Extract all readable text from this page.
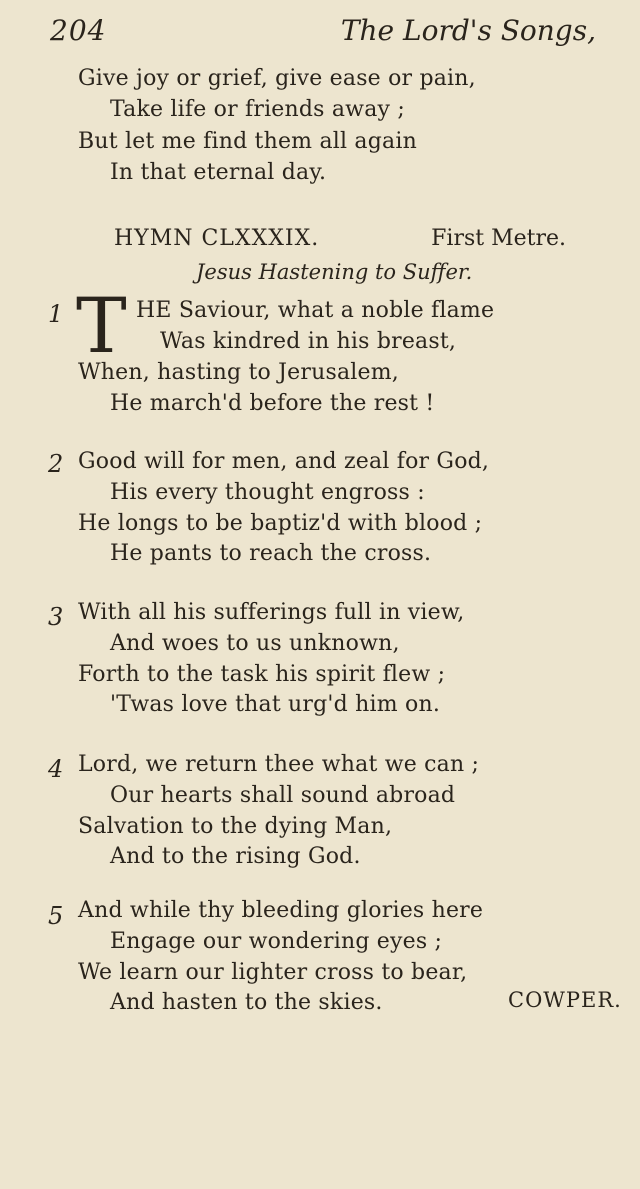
204	The Lord's Songs,
Give joy or grief, give ease or pain,
Take life or friends away ;
But let me find them all again
In that eternal day.
HYMN CLXXXIX.	First Metre.
Jesus Hastening to Suffer.
1 T HE Saviour, what a noble flame
Was kindred in his breast,
When, hasting to Jerusalem,
He march'd before the rest !
2 Good will for men, and zeal for God,
His every thought engross :
He longs to be baptiz'd with blood ;
He pants to reach the cross.
3 With all his sufferings full in view,
And woes to us unknown,
Forth to the task his spirit flew ;
'Twas love that urg'd him on.
4 Lord, we return thee what we can ;
Our hearts shall sound abroad
Salvation to the dying Man,
And to the rising God.
5 And while thy bleeding glories here
Engage our wondering eyes ;
We learn our lighter cross to bear,
And hasten to the skies.	COWPER.
